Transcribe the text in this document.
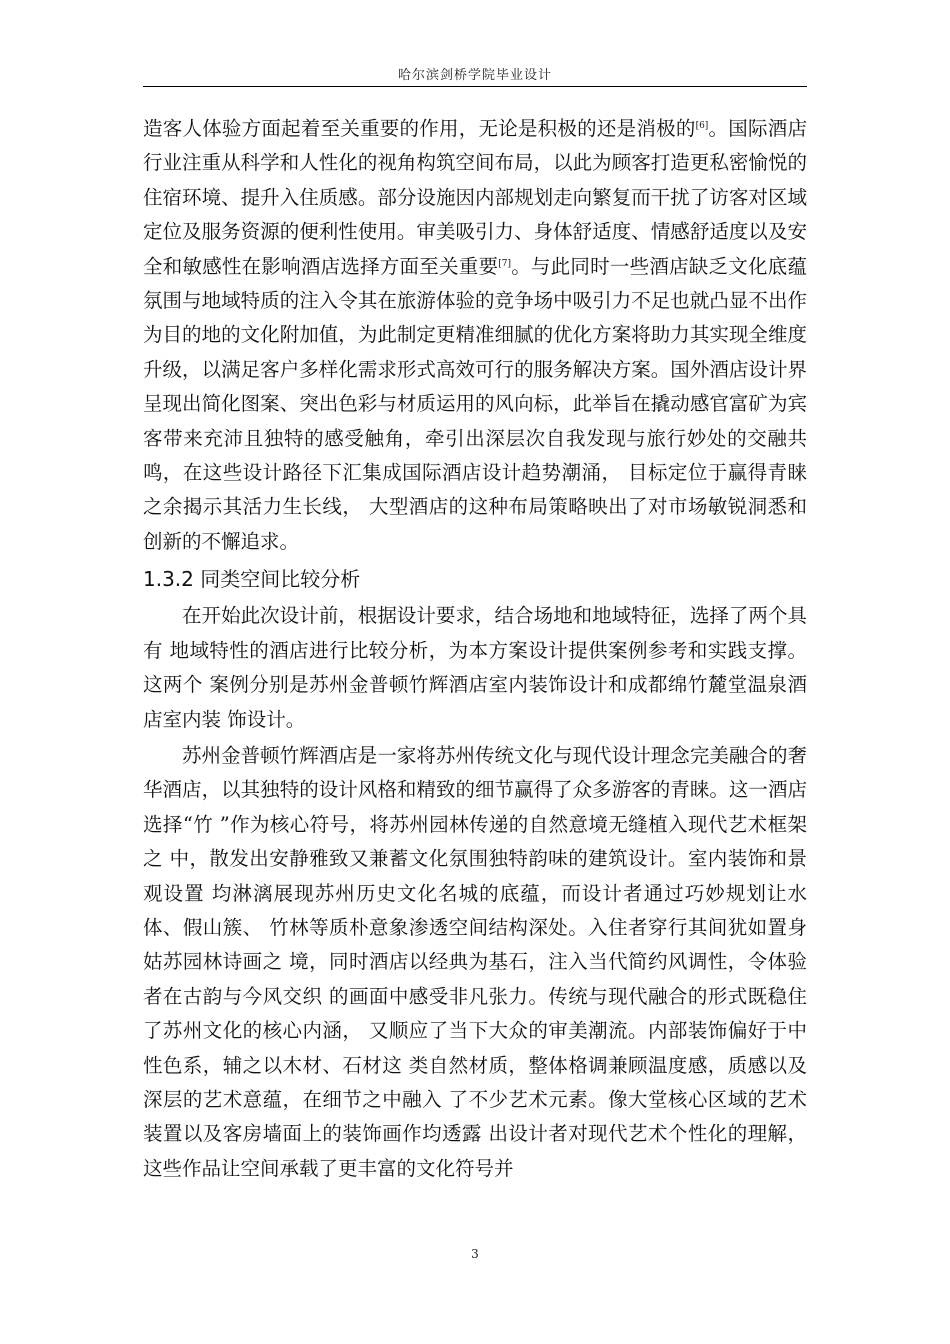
哈尔滨剑桥学院毕业设计

造客人体验方面起着至关重要的作用，无论是积极的还是消极的[6]。国际酒店行业注重从科学和人性化的视角构筑空间布局，以此为顾客打造更私密愉悦的住宿环境、提升入住质感。部分设施因内部规划走向繁复而干扰了访客对区域定位及服务资源的便利性使用。审美吸引力、身体舒适度、情感舒适度以及安全和敏感性在影响酒店选择方面至关重要[7]。与此同时一些酒店缺乏文化底蕴氛围与地域特质的注入令其在旅游体验的竞争场中吸引力不足也就凸显不出作为目的地的文化附加值，为此制定更精准细腻的优化方案将助力其实现全维度升级，以满足客户多样化需求形式高效可行的服务解决方案。国外酒店设计界呈现出简化图案、突出色彩与材质运用的风向标，此举旨在撬动感官富矿为宾客带来充沛且独特的感受触角，牵引出深层次自我发现与旅行妙处的交融共鸣，在这些设计路径下汇集成国际酒店设计趋势潮涌， 目标定位于赢得青睐之余揭示其活力生长线， 大型酒店的这种布局策略映出了对市场敏锐洞悉和创新的不懈追求。

1.3.2 同类空间比较分析

在开始此次设计前，根据设计要求，结合场地和地域特征，选择了两个具有 地域特性的酒店进行比较分析，为本方案设计提供案例参考和实践支撑。这两个 案例分别是苏州金普顿竹辉酒店室内装饰设计和成都绵竹麓堂温泉酒店室内装 饰设计。

苏州金普顿竹辉酒店是一家将苏州传统文化与现代设计理念完美融合的奢华酒店，以其独特的设计风格和精致的细节赢得了众多游客的青睐。这一酒店选择“竹 ”作为核心符号，将苏州园林传递的自然意境无缝植入现代艺术框架之 中，散发出安静雅致又兼蓄文化氛围独特韵味的建筑设计。室内装饰和景观设置 均淋漓展现苏州历史文化名城的底蕴，而设计者通过巧妙规划让水体、假山簇、 竹林等质朴意象渗透空间结构深处。入住者穿行其间犹如置身姑苏园林诗画之 境，同时酒店以经典为基石，注入当代简约风调性，令体验者在古韵与今风交织 的画面中感受非凡张力。传统与现代融合的形式既稳住了苏州文化的核心内涵， 又顺应了当下大众的审美潮流。内部装饰偏好于中性色系，辅之以木材、石材这 类自然材质，整体格调兼顾温度感，质感以及深层的艺术意蕴，在细节之中融入 了不少艺术元素。像大堂核心区域的艺术装置以及客房墙面上的装饰画作均透露 出设计者对现代艺术个性化的理解，这些作品让空间承载了更丰富的文化符号并

3
